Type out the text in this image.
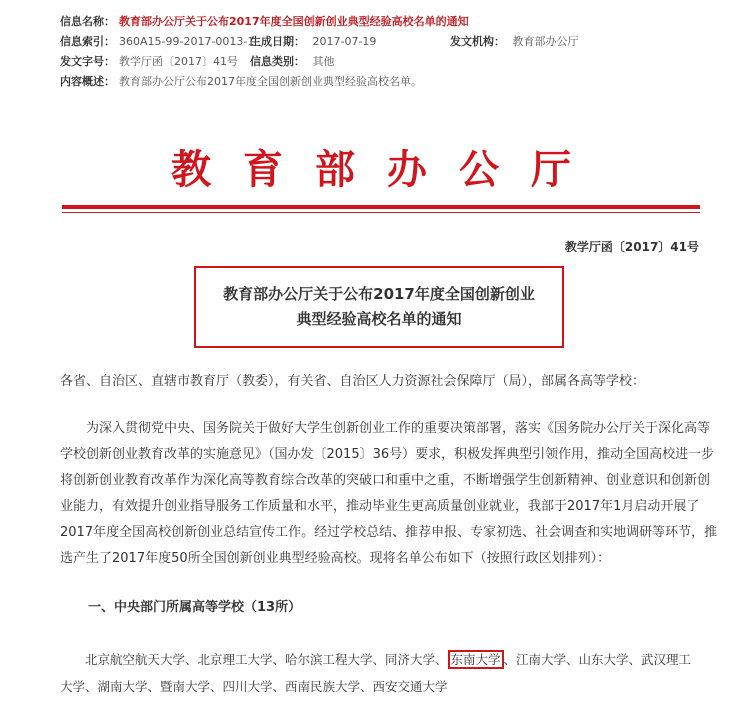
信息名称： 教育部办公厅关于公布2017年度全国创新创业典型经验高校名单的通知
信息索引： 360A15-99-2017-0013-1
生成日期： 2017-07-19	发文机构： 教育部办公厅
发文字号： 教学厅函〔2017〕41号 信息类别： 其他
内容概述： 教育部办公厅公布2017年度全国创新创业典型经验高校名单。
教育部办公厅
教学厅函〔2017〕41号
教育部办公厅关于公布2017年度全国创新创业
典型经验高校名单的通知
各省、自治区、直辖市教育厅（教委），有关省、自治区人力资源社会保障厅（局），部属各高等学校：
　　为深入贯彻党中央、国务院关于做好大学生创新创业工作的重要决策部署，落实《国务院办公厅关于深化高等
学校创新创业教育改革的实施意见》（国办发〔2015〕36号）要求，积极发挥典型引领作用，推动全国高校进一步
将创新创业教育改革作为深化高等教育综合改革的突破口和重中之重，不断增强学生创新精神、创业意识和创新创
业能力，有效提升创业指导服务工作质量和水平，推动毕业生更高质量创业就业，我部于2017年1月启动开展了
2017年度全国高校创新创业总结宣传工作。经过学校总结、推荐申报、专家初选、社会调查和实地调研等环节，推
选产生了2017年度50所全国创新创业典型经验高校。现将名单公布如下（按照行政区划排列）：
一、中央部门所属高等学校（13所）
　　北京航空航天大学、北京理工大学、哈尔滨工程大学、同济大学、 东南大学 、江南大学、山东大学、武汉理工
大学、湖南大学、暨南大学、四川大学、西南民族大学、西安交通大学
